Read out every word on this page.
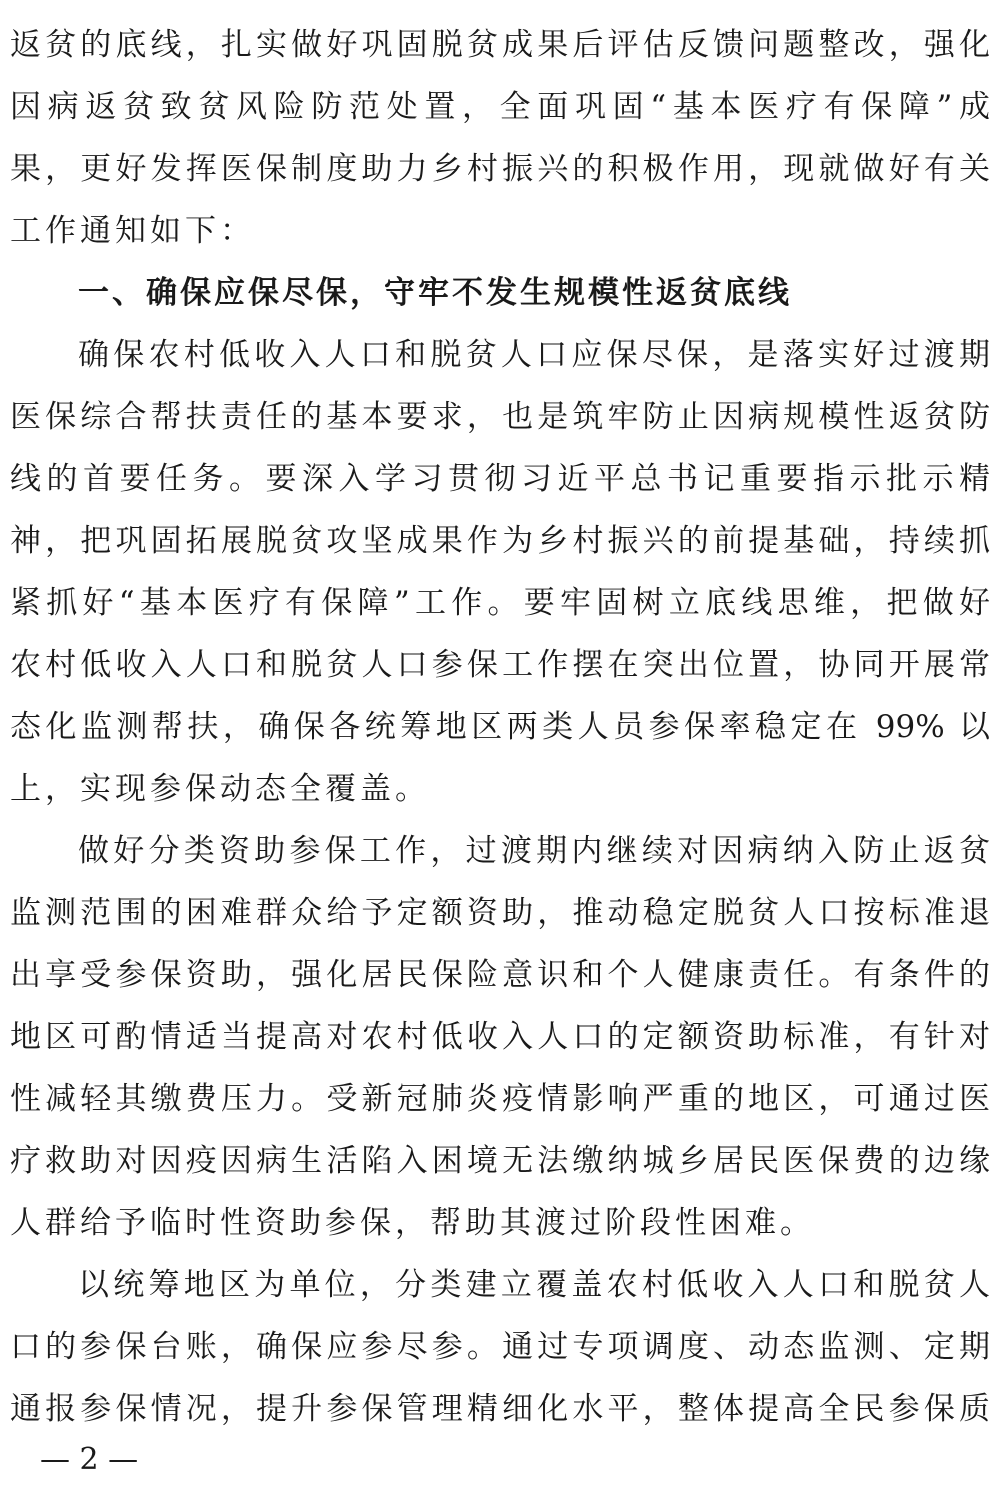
返贫的底线，扎实做好巩固脱贫成果后评估反馈问题整改，强化
因病返贫致贫风险防范处置，全面巩固“基本医疗有保障”成
果，更好发挥医保制度助力乡村振兴的积极作用，现就做好有关
工作通知如下：
一、确保应保尽保，守牢不发生规模性返贫底线
确保农村低收入人口和脱贫人口应保尽保，是落实好过渡期
医保综合帮扶责任的基本要求，也是筑牢防止因病规模性返贫防
线的首要任务。要深入学习贯彻习近平总书记重要指示批示精
神，把巩固拓展脱贫攻坚成果作为乡村振兴的前提基础，持续抓
紧抓好“基本医疗有保障”工作。要牢固树立底线思维，把做好
农村低收入人口和脱贫人口参保工作摆在突出位置，协同开展常
态化监测帮扶，确保各统筹地区两类人员参保率稳定在 99% 以
上，实现参保动态全覆盖。
做好分类资助参保工作，过渡期内继续对因病纳入防止返贫
监测范围的困难群众给予定额资助，推动稳定脱贫人口按标准退
出享受参保资助，强化居民保险意识和个人健康责任。有条件的
地区可酌情适当提高对农村低收入人口的定额资助标准，有针对
性减轻其缴费压力。受新冠肺炎疫情影响严重的地区，可通过医
疗救助对因疫因病生活陷入困境无法缴纳城乡居民医保费的边缘
人群给予临时性资助参保，帮助其渡过阶段性困难。
以统筹地区为单位，分类建立覆盖农村低收入人口和脱贫人
口的参保台账，确保应参尽参。通过专项调度、动态监测、定期
通报参保情况，提升参保管理精细化水平，整体提高全民参保质
— 2 —
